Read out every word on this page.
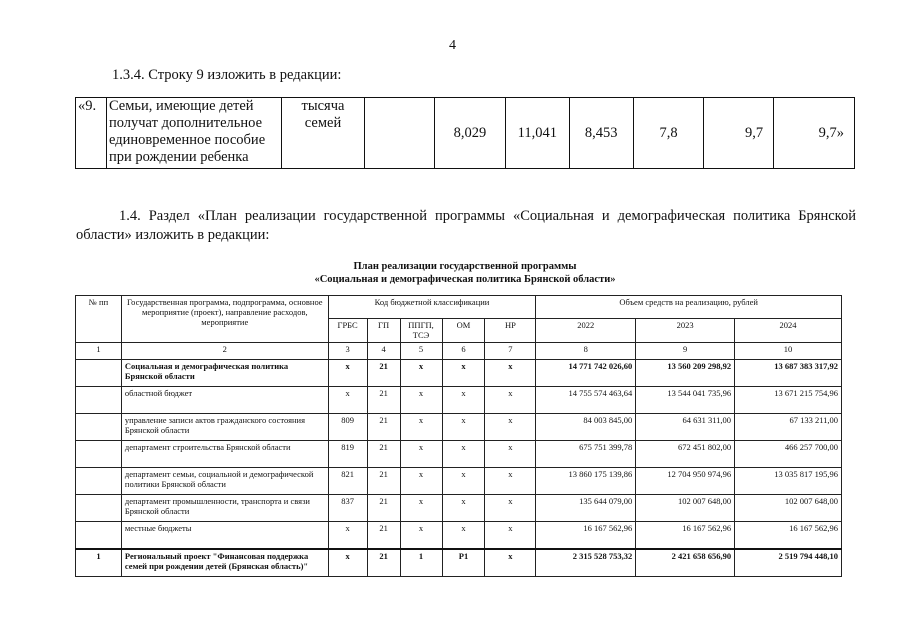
4
1.3.4. Строку 9 изложить в редакции:
«9.	Семьи, имеющие детей получат дополнительное единовременное пособие при рождении ребенка	тысяча семей		8,029	11,041	8,453	7,8	9,7	9,7»
1.4. Раздел «План реализации государственной программы «Социальная и демографическая политика Брянской области» изложить в редакции:
План реализации государственной программы
«Социальная и демографическая политика Брянской области»
№ пп	Государственная программа, подпрограмма, основное мероприятие (проект), направление расходов, мероприятие	Код бюджетной классификации					Объем средств на реализацию, рублей		
		ГРБС	ГП	ППГП, ТСЭ	ОМ	НР	2022	2023	2024
1	2	3	4	5	6	7	8	9	10
	Социальная и демографическая политика Брянской области	х	21	х	х	х	14 771 742 026,60	13 560 209 298,92	13 687 383 317,92
	областной бюджет	х	21	х	х	х	14 755 574 463,64	13 544 041 735,96	13 671 215 754,96
	управление записи актов гражданского состояния Брянской области	809	21	х	х	х	84 003 845,00	64 631 311,00	67 133 211,00
	департамент строительства Брянской области	819	21	х	х	х	675 751 399,78	672 451 802,00	466 257 700,00
	департамент семьи, социальной и демографической политики Брянской области	821	21	х	х	х	13 860 175 139,86	12 704 950 974,96	13 035 817 195,96
	департамент промышленности, транспорта и связи Брянской области	837	21	х	х	х	135 644 079,00	102 007 648,00	102 007 648,00
	местные бюджеты	х	21	х	х	х	16 167 562,96	16 167 562,96	16 167 562,96
1	Региональный проект "Финансовая поддержка семей при рождении детей (Брянская область)"	х	21	1	Р1	х	2 315 528 753,32	2 421 658 656,90	2 519 794 448,10
